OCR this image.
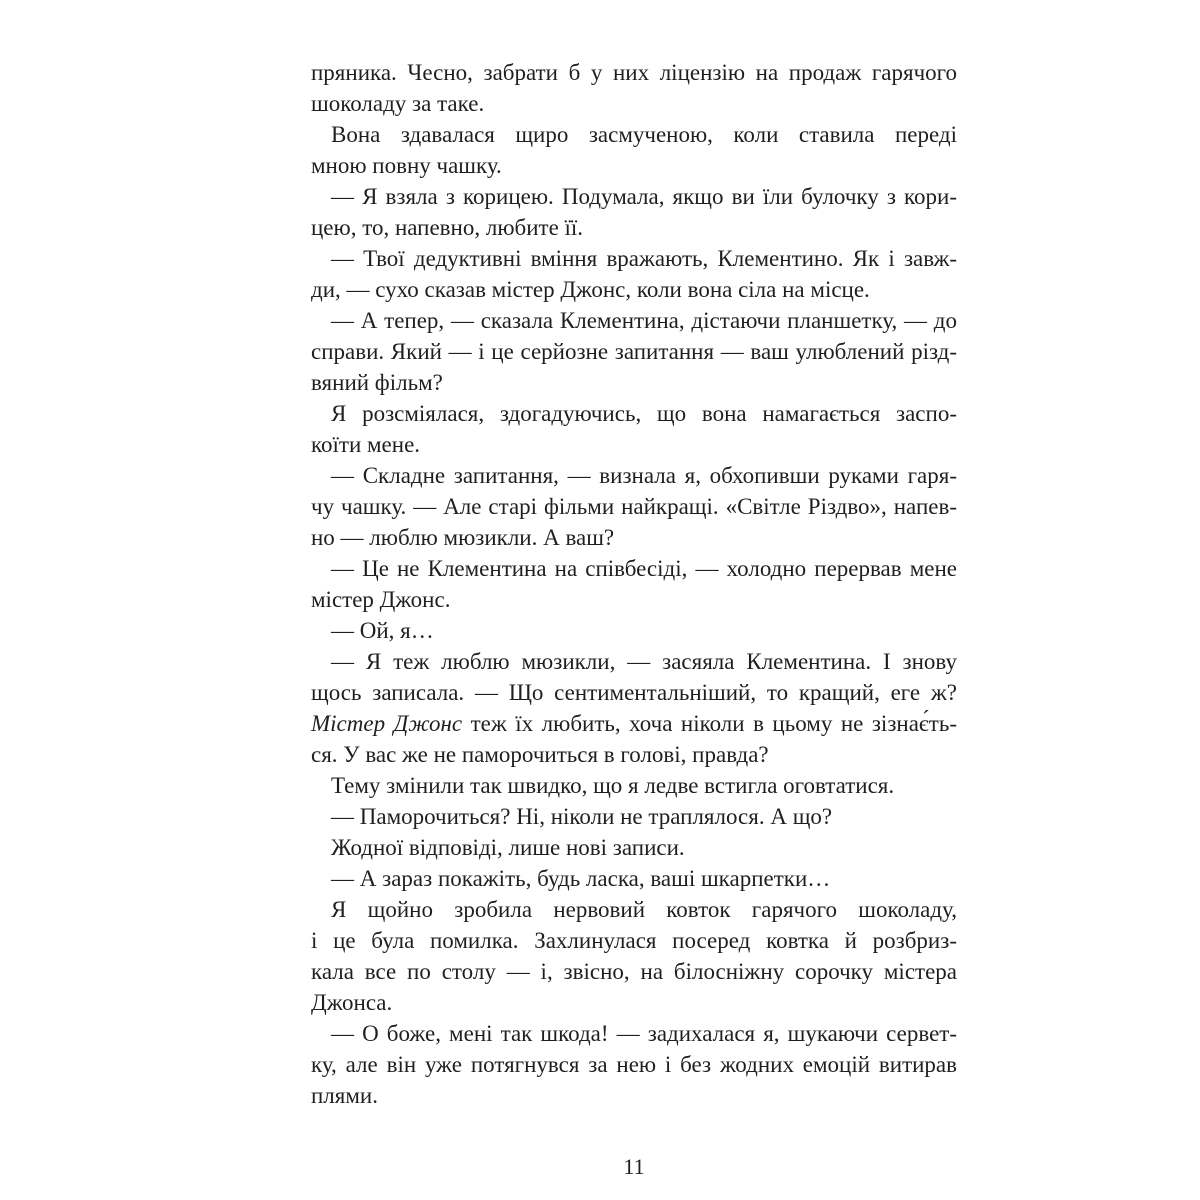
пряника. Чесно, забрати б у них ліцензію на продаж гарячого
шоколаду за таке.

Вона здавалася щиро засмученою, коли ставила переді
мною повну чашку.

— Я взяла з корицею. Подумала, якщо ви їли булочку з кори-
цею, то, напевно, любите її.

— Твої дедуктивні вміння вражають, Клементино. Як і завж-
ди, — сухо сказав містер Джонс, коли вона сіла на місце.

— А тепер, — сказала Клементина, дістаючи планшетку, — до
справи. Який — і це серйозне запитання — ваш улюблений різд-
вяний фільм?

Я розсміялася, здогадуючись, що вона намагається заспо-
коїти мене.

— Складне запитання, — визнала я, обхопивши руками гаря-
чу чашку. — Але старі фільми найкращі. «Світле Різдво», напев-
но — люблю мюзикли. А ваш?

— Це не Клементина на співбесіді, — холодно перервав мене
містер Джонс.

— Ой, я…

— Я теж люблю мюзикли, — засяяла Клементина. І знову
щось записала. — Що сентиментальніший, то кращий, еге ж?
Містер Джонс теж їх любить, хоча ніколи в цьому не зізнає́ть-
ся. У вас же не паморочиться в голові, правда?

Тему змінили так швидко, що я ледве встигла оговтатися.

— Паморочиться? Ні, ніколи не траплялося. А що?

Жодної відповіді, лише нові записи.

— А зараз покажіть, будь ласка, ваші шкарпетки…

Я щойно зробила нервовий ковток гарячого шоколаду,
і це була помилка. Захлинулася посеред ковтка й розбриз-
кала все по столу — і, звісно, на білосніжну сорочку містера
Джонса.

— О боже, мені так шкода! — задихалася я, шукаючи сервет-
ку, але він уже потягнувся за нею і без жодних емоцій витирав
плями.

11
